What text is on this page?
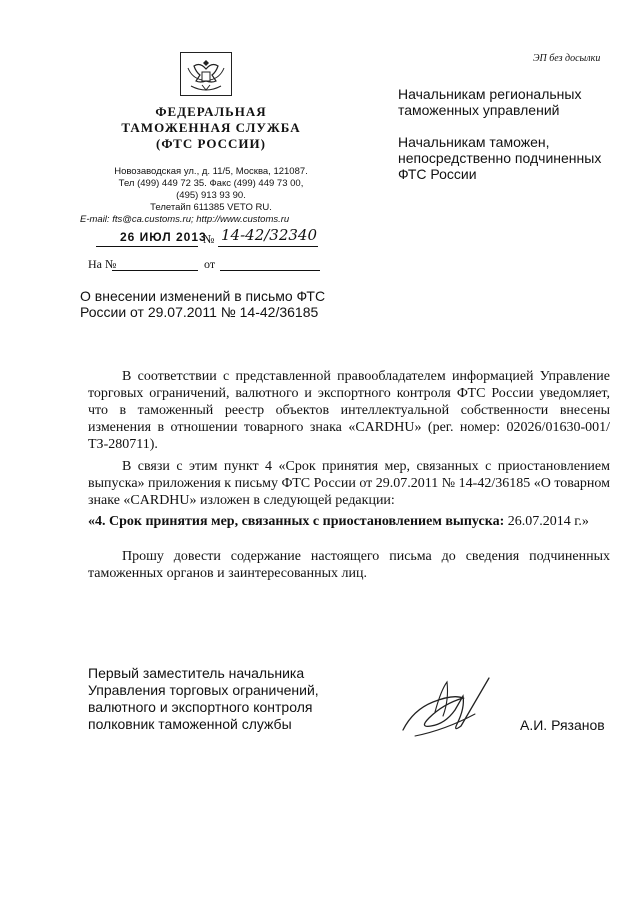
ЭП без досылки
ФЕДЕРАЛЬНАЯ
ТАМОЖЕННАЯ СЛУЖБА
(ФТС РОССИИ)
Новозаводская ул., д. 11/5, Москва, 121087.
Тел (499) 449 72 35. Факс (499) 449 73 00,
(495) 913 93 90.
Телетайп 611385 VETO RU.
E-mail: fts@ca.customs.ru; http://www.customs.ru
26 ИЮЛ 2013
№ 14-42/32340
На №	от
О внесении изменений в письмо ФТС России от 29.07.2011 № 14-42/36185
Начальникам региональных
таможенных управлений
Начальникам таможен,
непосредственно подчиненных
ФТС России

В соответствии с представленной правообладателем информацией Управление торговых ограничений, валютного и экспортного контроля ФТС России уведомляет, что в таможенный реестр объектов интеллектуальной собственности внесены изменения в отношении товарного знака «CARDHU» (рег. номер: 02026/01630-001/ТЗ-280711).

В связи с этим пункт 4 «Срок принятия мер, связанных с приостановлением выпуска» приложения к письму ФТС России от 29.07.2011 № 14-42/36185 «О товарном знаке «CARDHU» изложен в следующей редакции:

«4. Срок принятия мер, связанных с приостановлением выпуска: 26.07.2014 г.»

Прошу довести содержание настоящего письма до сведения подчиненных таможенных органов и заинтересованных лиц.

Первый заместитель начальника
Управления торговых ограничений,
валютного и экспортного контроля
полковник таможенной службы	А.И. Рязанов
